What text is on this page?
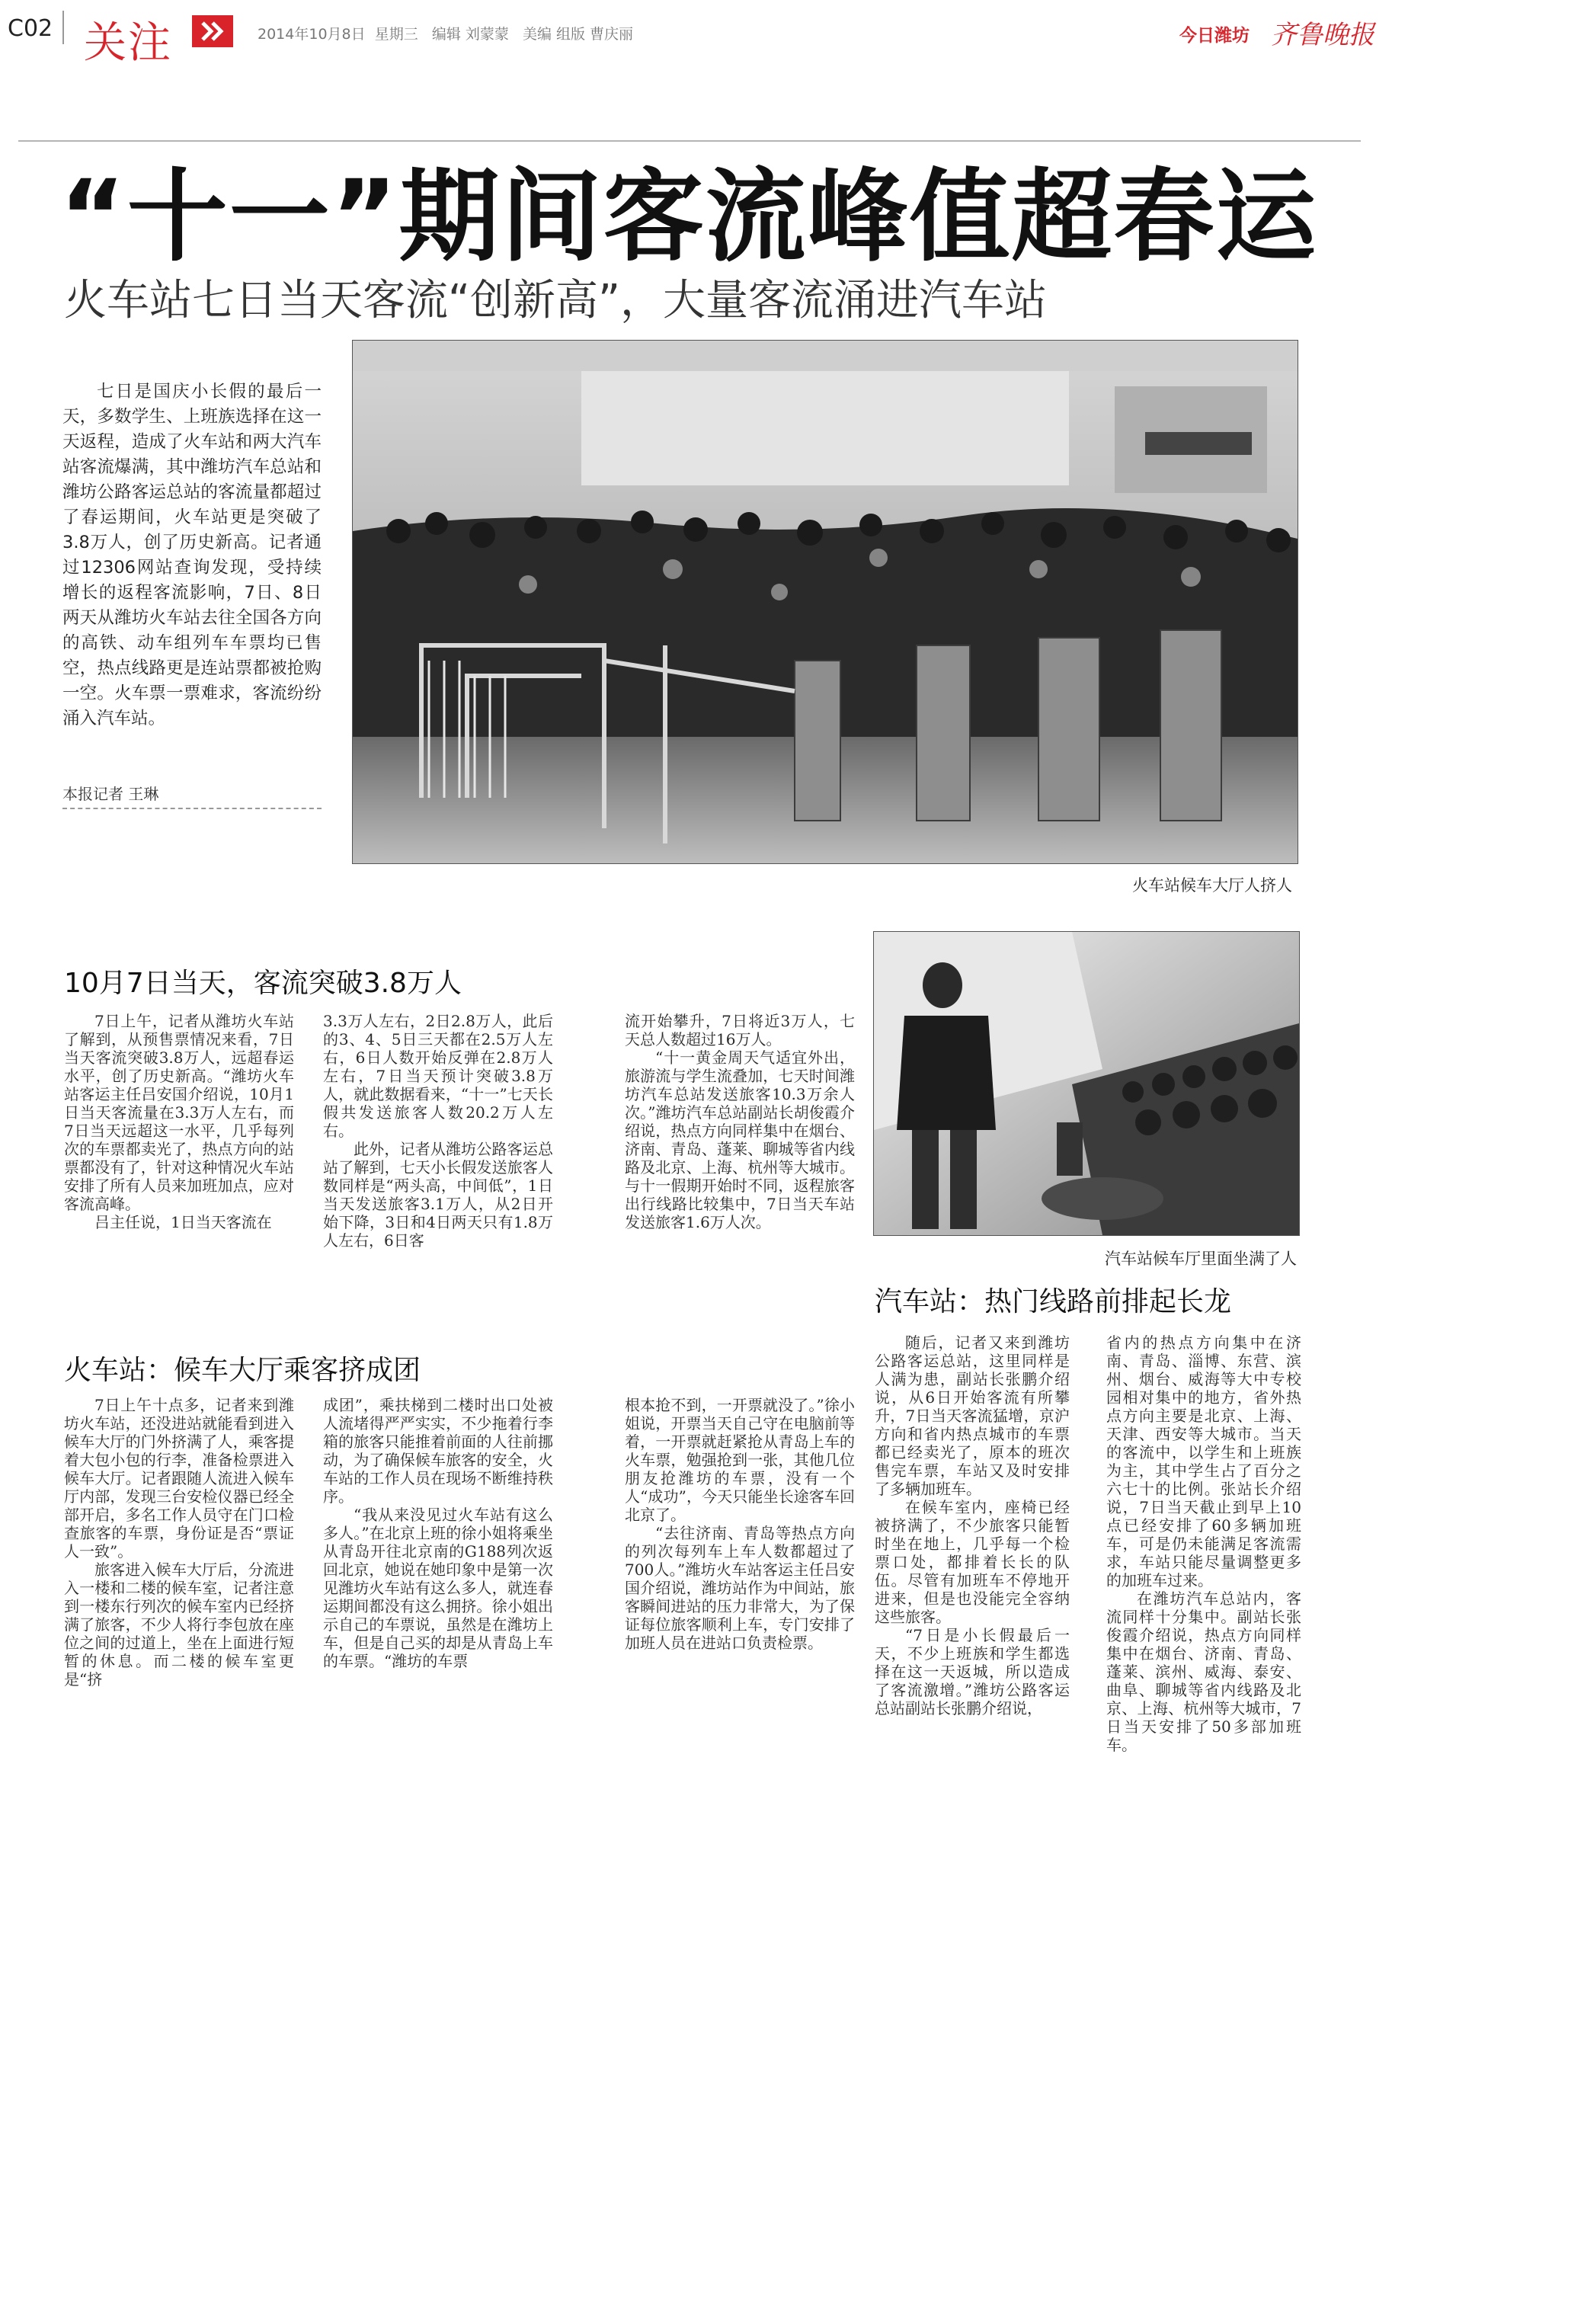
C02 关注	2014年10月8日  星期三   编辑 刘蒙蒙   美编 组版 曹庆丽	今日潍坊 齐鲁晚报
“十一”期间客流峰值超春运
火车站七日当天客流“创新高”，大量客流涌进汽车站
七日是国庆小长假的最后一天，多数学生、上班族选择在这一天返程，造成了火车站和两大汽车站客流爆满，其中潍坊汽车总站和潍坊公路客运总站的客流量都超过了春运期间，火车站更是突破了3.8万人，创了历史新高。记者通过12306网站查询发现，受持续增长的返程客流影响，7日、8日两天从潍坊火车站去往全国各方向的高铁、动车组列车车票均已售空，热点线路更是连站票都被抢购一空。火车票一票难求，客流纷纷涌入汽车站。
本报记者 王琳
火车站候车大厅人挤人
汽车站候车厅里面坐满了人
10月7日当天，客流突破3.8万人

7日上午，记者从潍坊火车站了解到，从预售票情况来看，7日当天客流突破3.8万人，远超春运水平，创了历史新高。“潍坊火车站客运主任吕安国介绍说，10月1日当天客流量在3.3万人左右，而7日当天远超这一水平，几乎每列次的车票都卖光了，热点方向的站票都没有了，针对这种情况火车站安排了所有人员来加班加点，应对客流高峰。

吕主任说，1日当天客流在

3.3万人左右，2日2.8万人，此后的3、4、5日三天都在2.5万人左右，6日人数开始反弹在2.8万人左右，7日当天预计突破3.8万人，就此数据看来，“十一”七天长假共发送旅客人数20.2万人左右。

此外，记者从潍坊公路客运总站了解到，七天小长假发送旅客人数同样是“两头高，中间低”，1日当天发送旅客3.1万人，从2日开始下降，3日和4日两天只有1.8万人左右，6日客

流开始攀升，7日将近3万人，七天总人数超过16万人。

“十一黄金周天气适宜外出，旅游流与学生流叠加，七天时间潍坊汽车总站发送旅客10.3万余人次。”潍坊汽车总站副站长胡俊霞介绍说，热点方向同样集中在烟台、济南、青岛、蓬莱、聊城等省内线路及北京、上海、杭州等大城市。与十一假期开始时不同，返程旅客出行线路比较集中，7日当天车站发送旅客1.6万人次。

汽车站：热门线路前排起长龙

随后，记者又来到潍坊公路客运总站，这里同样是人满为患，副站长张鹏介绍说，从6日开始客流有所攀升，7日当天客流猛增，京沪方向和省内热点城市的车票都已经卖光了，原本的班次售完车票，车站又及时安排了多辆加班车。

在候车室内，座椅已经被挤满了，不少旅客只能暂时坐在地上，几乎每一个检票口处，都排着长长的队伍。尽管有加班车不停地开进来，但是也没能完全容纳这些旅客。

“7日是小长假最后一天，不少上班族和学生都选择在这一天返城，所以造成了客流激增。”潍坊公路客运总站副站长张鹏介绍说，

省内的热点方向集中在济南、青岛、淄博、东营、滨州、烟台、威海等大中专校园相对集中的地方，省外热点方向主要是北京、上海、天津、西安等大城市。当天的客流中，以学生和上班族为主，其中学生占了百分之六七十的比例。张站长介绍说，7日当天截止到早上10点已经安排了60多辆加班车，可是仍未能满足客流需求，车站只能尽量调整更多的加班车过来。

在潍坊汽车总站内，客流同样十分集中。副站长张俊霞介绍说，热点方向同样集中在烟台、济南、青岛、蓬莱、滨州、威海、泰安、曲阜、聊城等省内线路及北京、上海、杭州等大城市，7日当天安排了50多部加班车。

火车站：候车大厅乘客挤成团

7日上午十点多，记者来到潍坊火车站，还没进站就能看到进入候车大厅的门外挤满了人，乘客提着大包小包的行李，准备检票进入候车大厅。记者跟随人流进入候车厅内部，发现三台安检仪器已经全部开启，多名工作人员守在门口检查旅客的车票，身份证是否“票证人一致”。

旅客进入候车大厅后，分流进入一楼和二楼的候车室，记者注意到一楼东行列次的候车室内已经挤满了旅客，不少人将行李包放在座位之间的过道上，坐在上面进行短暂的休息。而二楼的候车室更是“挤

成团”，乘扶梯到二楼时出口处被人流堵得严严实实，不少拖着行李箱的旅客只能推着前面的人往前挪动，为了确保候车旅客的安全，火车站的工作人员在现场不断维持秩序。

“我从来没见过火车站有这么多人。”在北京上班的徐小姐将乘坐从青岛开往北京南的G188列次返回北京，她说在她印象中是第一次见潍坊火车站有这么多人，就连春运期间都没有这么拥挤。徐小姐出示自己的车票说，虽然是在潍坊上车，但是自己买的却是从青岛上车的车票。“潍坊的车票

根本抢不到，一开票就没了。”徐小姐说，开票当天自己守在电脑前等着，一开票就赶紧抢从青岛上车的火车票，勉强抢到一张，其他几位朋友抢潍坊的车票，没有一个人“成功”，今天只能坐长途客车回北京了。

“去往济南、青岛等热点方向的列次每列车上车人数都超过了700人。”潍坊火车站客运主任吕安国介绍说，潍坊站作为中间站，旅客瞬间进站的压力非常大，为了保证每位旅客顺利上车，专门安排了加班人员在进站口负责检票。
